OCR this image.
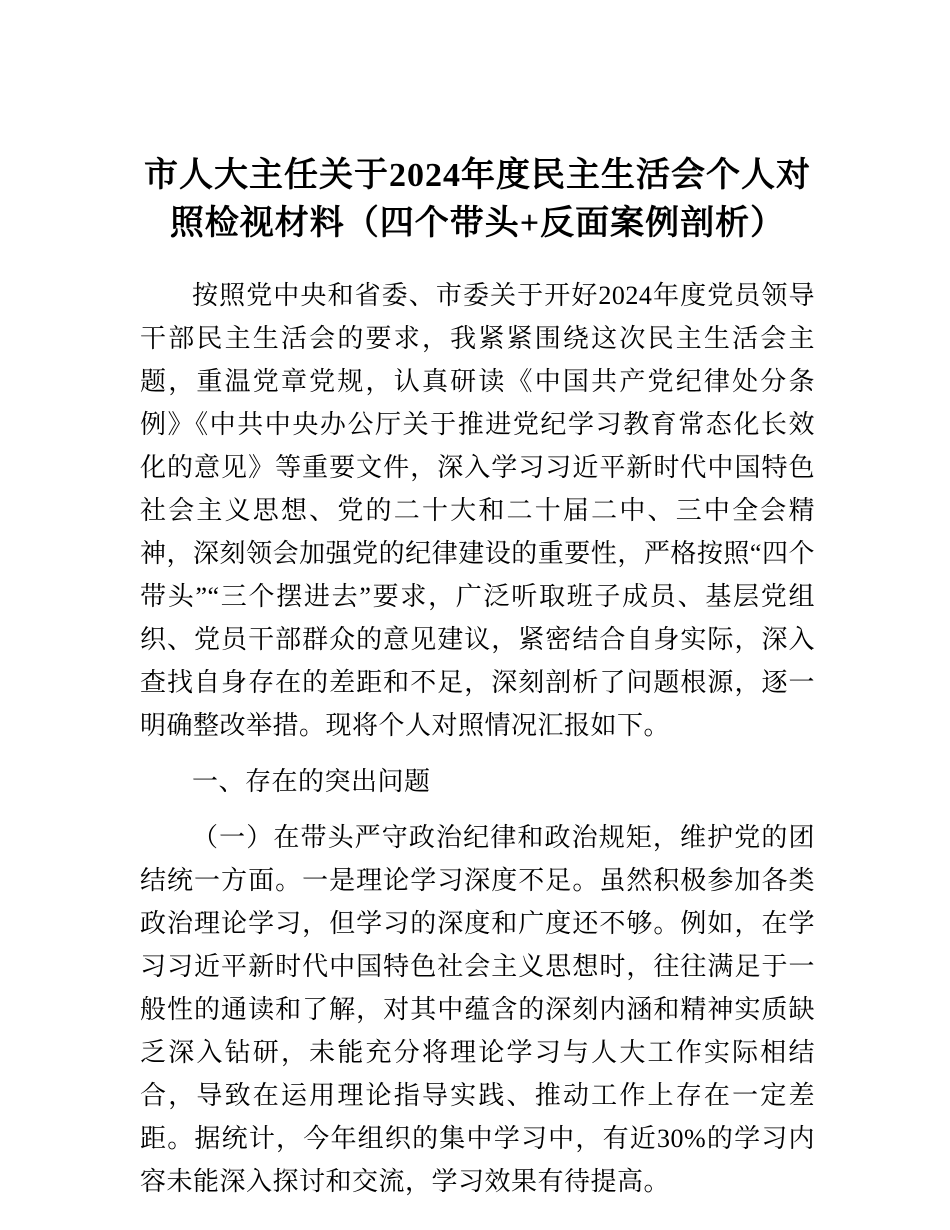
市人大主任关于2024年度民主生活会个人对照检视材料（四个带头+反面案例剖析）

按照党中央和省委、市委关于开好2024年度党员领导干部民主生活会的要求，我紧紧围绕这次民主生活会主题，重温党章党规，认真研读《中国共产党纪律处分条例》《中共中央办公厅关于推进党纪学习教育常态化长效化的意见》等重要文件，深入学习习近平新时代中国特色社会主义思想、党的二十大和二十届二中、三中全会精神，深刻领会加强党的纪律建设的重要性，严格按照“四个带头”“三个摆进去”要求，广泛听取班子成员、基层党组织、党员干部群众的意见建议，紧密结合自身实际，深入查找自身存在的差距和不足，深刻剖析了问题根源，逐一明确整改举措。现将个人对照情况汇报如下。

一、存在的突出问题

（一）在带头严守政治纪律和政治规矩，维护党的团结统一方面。一是理论学习深度不足。虽然积极参加各类政治理论学习，但学习的深度和广度还不够。例如，在学习习近平新时代中国特色社会主义思想时，往往满足于一般性的通读和了解，对其中蕴含的深刻内涵和精神实质缺乏深入钻研，未能充分将理论学习与人大工作实际相结合，导致在运用理论指导实践、推动工作上存在一定差距。据统计，今年组织的集中学习中，有近30%的学习内容未能深入探讨和交流，学习效果有待提高。
